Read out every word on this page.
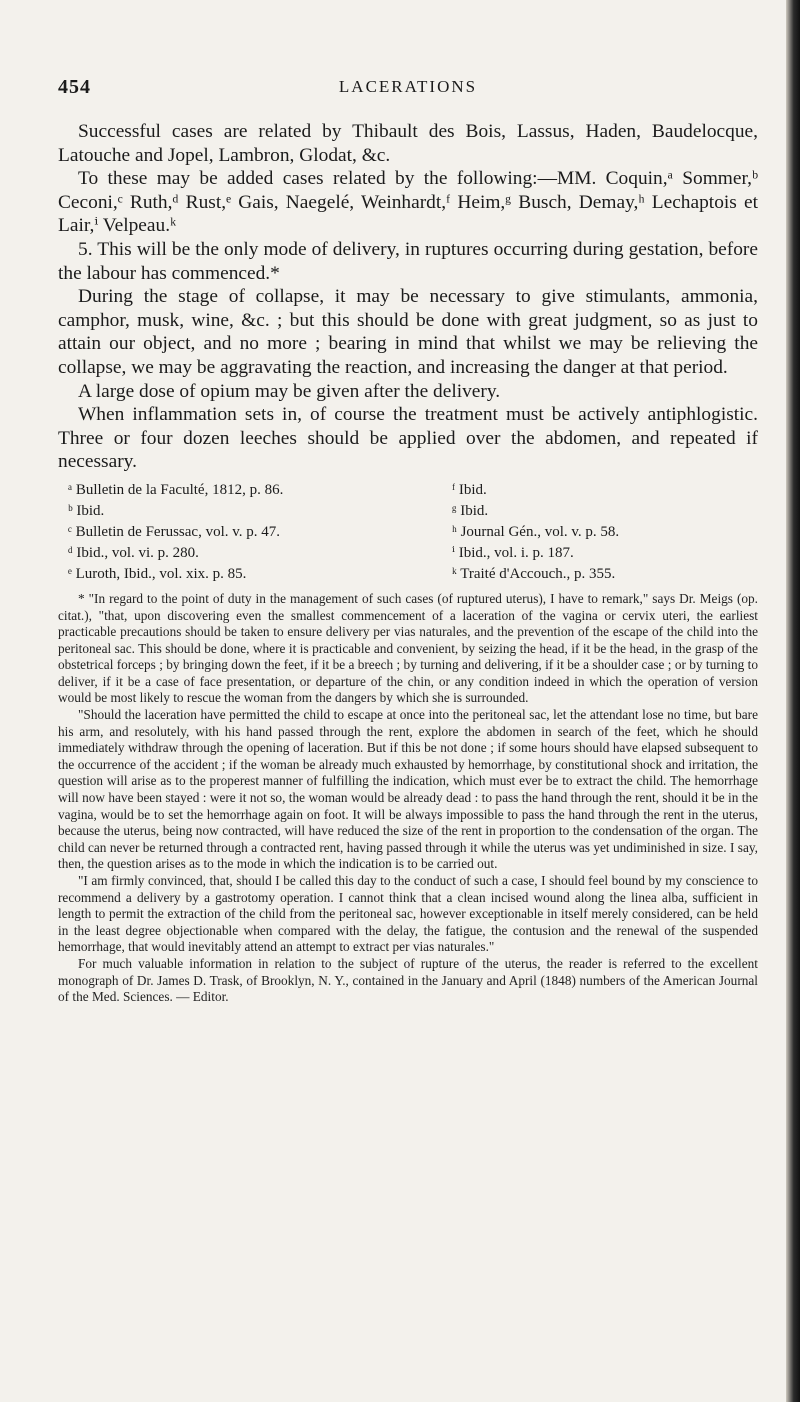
454	LACERATIONS

Successful cases are related by Thibault des Bois, Lassus, Haden, Baudelocque, Latouche and Jopel, Lambron, Glodat, &c.

To these may be added cases related by the following:—MM. Coquin,ᵃ Sommer,ᵇ Ceconi,ᶜ Ruth,ᵈ Rust,ᵉ Gais, Naegelé, Weinhardt,ᶠ Heim,ᵍ Busch, Demay,ʰ Lechaptois et Lair,ⁱ Velpeau.ᵏ

5. This will be the only mode of delivery, in ruptures occurring during gestation, before the labour has commenced.*

During the stage of collapse, it may be necessary to give stimulants, ammonia, camphor, musk, wine, &c. ; but this should be done with great judgment, so as just to attain our object, and no more ; bearing in mind that whilst we may be relieving the collapse, we may be aggravating the reaction, and increasing the danger at that period.

A large dose of opium may be given after the delivery.

When inflammation sets in, of course the treatment must be actively antiphlogistic. Three or four dozen leeches should be applied over the abdomen, and repeated if necessary.

ᵃ Bulletin de la Faculté, 1812, p. 86.	ᶠ Ibid.
ᵇ Ibid.	ᵍ Ibid.
ᶜ Bulletin de Ferussac, vol. v. p. 47.	ʰ Journal Gén., vol. v. p. 58.
ᵈ Ibid., vol. vi. p. 280.	ⁱ Ibid., vol. i. p. 187.
ᵉ Luroth, Ibid., vol. xix. p. 85.	ᵏ Traité d'Accouch., p. 355.

* "In regard to the point of duty in the management of such cases (of ruptured uterus), I have to remark," says Dr. Meigs (op. citat.), "that, upon discovering even the smallest commencement of a laceration of the vagina or cervix uteri, the earliest practicable precautions should be taken to ensure delivery per vias naturales, and the prevention of the escape of the child into the peritoneal sac. This should be done, where it is practicable and convenient, by seizing the head, if it be the head, in the grasp of the obstetrical forceps ; by bringing down the feet, if it be a breech ; by turning and delivering, if it be a shoulder case ; or by turning to deliver, if it be a case of face presentation, or departure of the chin, or any condition indeed in which the operation of version would be most likely to rescue the woman from the dangers by which she is surrounded.

"Should the laceration have permitted the child to escape at once into the peritoneal sac, let the attendant lose no time, but bare his arm, and resolutely, with his hand passed through the rent, explore the abdomen in search of the feet, which he should immediately withdraw through the opening of laceration. But if this be not done ; if some hours should have elapsed subsequent to the occurrence of the accident ; if the woman be already much exhausted by hemorrhage, by constitutional shock and irritation, the question will arise as to the properest manner of fulfilling the indication, which must ever be to extract the child. The hemorrhage will now have been stayed : were it not so, the woman would be already dead : to pass the hand through the rent, should it be in the vagina, would be to set the hemorrhage again on foot. It will be always impossible to pass the hand through the rent in the uterus, because the uterus, being now contracted, will have reduced the size of the rent in proportion to the condensation of the organ. The child can never be returned through a contracted rent, having passed through it while the uterus was yet undiminished in size. I say, then, the question arises as to the mode in which the indication is to be carried out.

"I am firmly convinced, that, should I be called this day to the conduct of such a case, I should feel bound by my conscience to recommend a delivery by a gastrotomy operation. I cannot think that a clean incised wound along the linea alba, sufficient in length to permit the extraction of the child from the peritoneal sac, however exceptionable in itself merely considered, can be held in the least degree objectionable when compared with the delay, the fatigue, the contusion and the renewal of the suspended hemorrhage, that would inevitably attend an attempt to extract per vias naturales."

For much valuable information in relation to the subject of rupture of the uterus, the reader is referred to the excellent monograph of Dr. James D. Trask, of Brooklyn, N. Y., contained in the January and April (1848) numbers of the American Journal of the Med. Sciences. — Editor.
